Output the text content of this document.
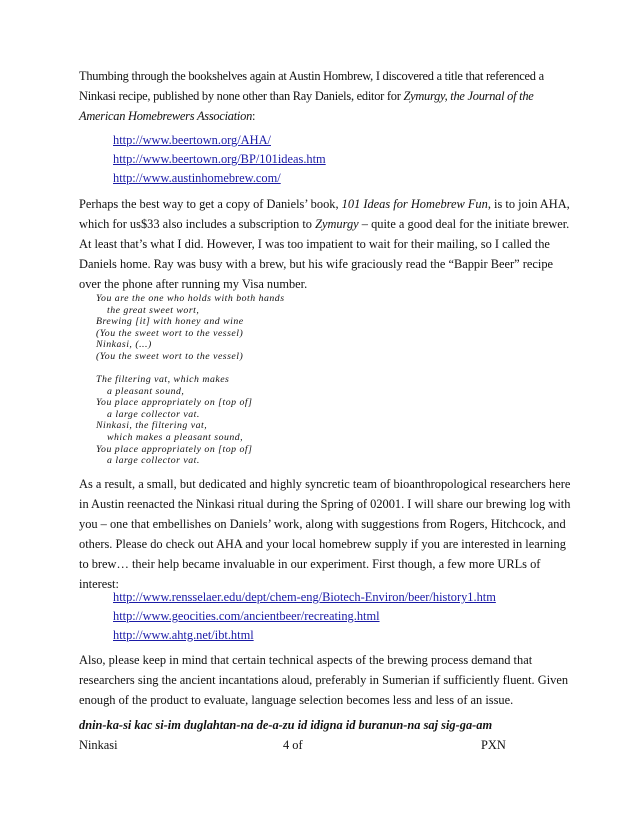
Thumbing through the bookshelves again at Austin Hombrew, I discovered a title that referenced a Ninkasi recipe, published by none other than Ray Daniels, editor for Zymurgy, the Journal of the American Homebrewers Association:

http://www.beertown.org/AHA/
http://www.beertown.org/BP/101ideas.htm
http://www.austinhomebrew.com/

Perhaps the best way to get a copy of Daniels’ book, 101 Ideas for Homebrew Fun, is to join AHA, which for us$33 also includes a subscription to Zymurgy – quite a good deal for the initiate brewer. At least that’s what I did. However, I was too impatient to wait for their mailing, so I called the Daniels home. Ray was busy with a brew, but his wife graciously read the “Bappir Beer” recipe over the phone after running my Visa number.

You are the one who holds with both hands
the great sweet wort,
Brewing [it] with honey and wine
(You the sweet wort to the vessel)
Ninkasi, (...)
(You the sweet wort to the vessel)
The filtering vat, which makes
a pleasant sound,
You place appropriately on [top of]
a large collector vat.
Ninkasi, the filtering vat,
which makes a pleasant sound,
You place appropriately on [top of]
a large collector vat.

As a result, a small, but dedicated and highly syncretic team of bioanthropological researchers here in Austin reenacted the Ninkasi ritual during the Spring of 02001. I will share our brewing log with you – one that embellishes on Daniels’ work, along with suggestions from Rogers, Hitchcock, and others. Please do check out AHA and your local homebrew supply if you are interested in learning to brew… their help became invaluable in our experiment. First though, a few more URLs of interest:

http://www.rensselaer.edu/dept/chem-eng/Biotech-Environ/beer/history1.htm
http://www.geocities.com/ancientbeer/recreating.html
http://www.ahtg.net/ibt.html

Also, please keep in mind that certain technical aspects of the brewing process demand that researchers sing the ancient incantations aloud, preferably in Sumerian if sufficiently fluent. Given enough of the product to evaluate, language selection becomes less and less of an issue.

dnin-ka-si kac si-im duglahtan-na de-a-zu id idigna id buranun-na saj sig-ga-am
Ninkasi	4 of	PXN
